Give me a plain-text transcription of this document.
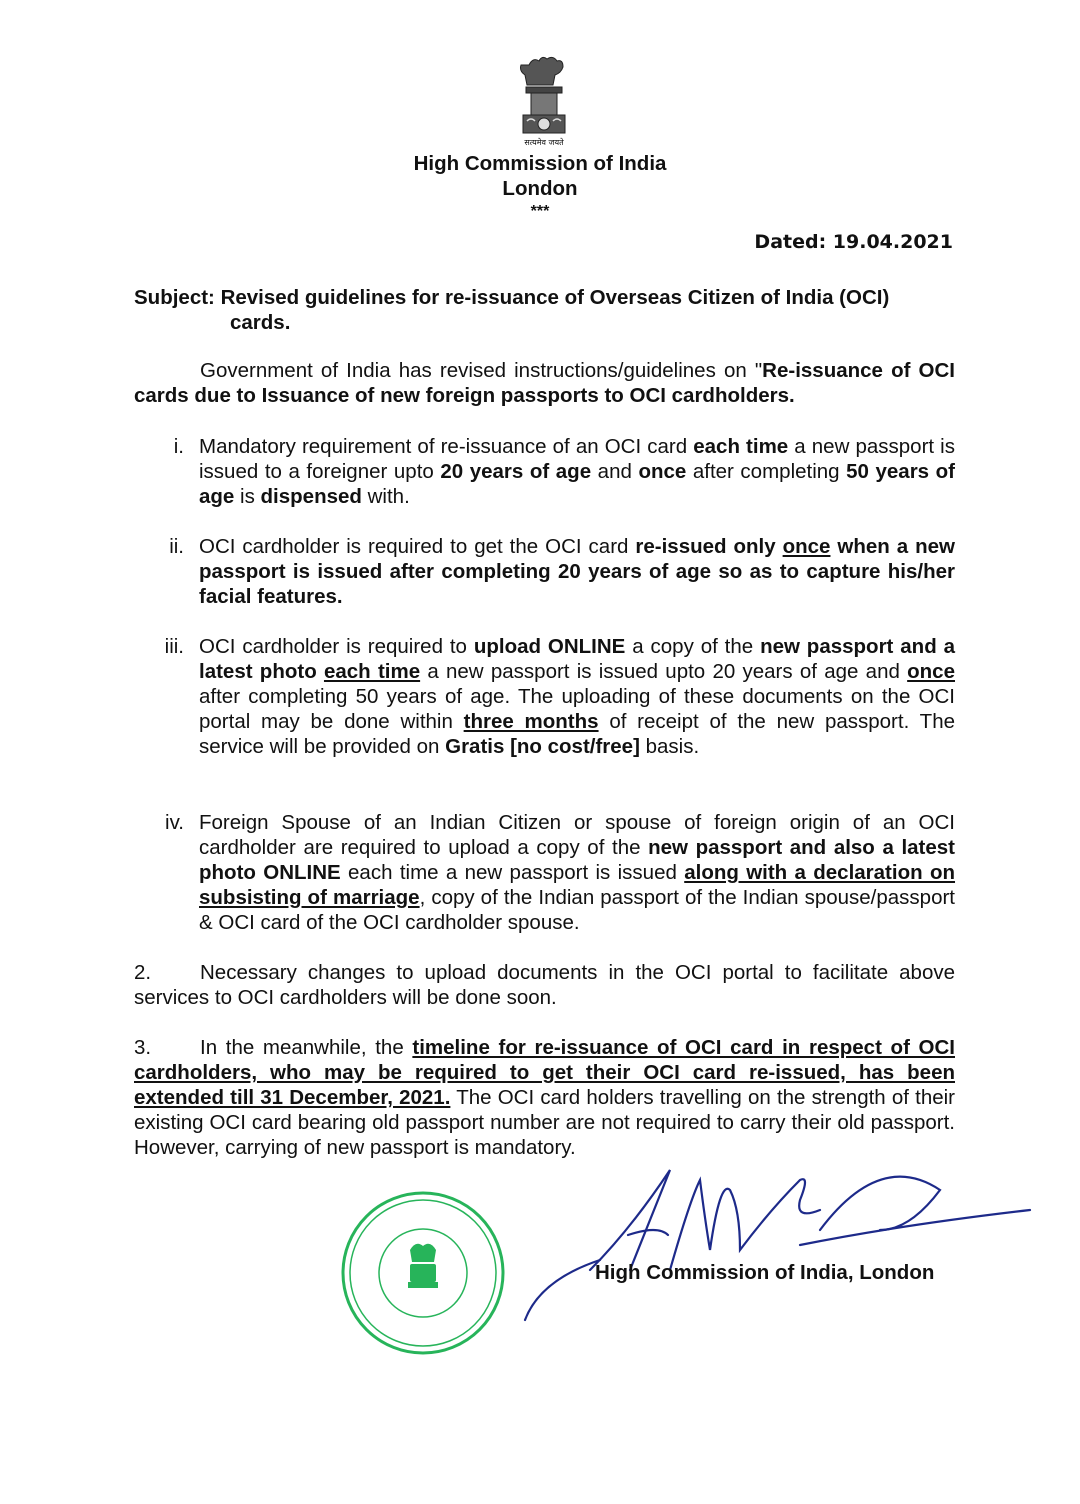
सत्यमेव जयते
High Commission of India
London
***
Dated: 19.04.2021
Subject: Revised guidelines for re-issuance of Overseas Citizen of India (OCI)
cards.
Government of India has revised instructions/guidelines on "Re-issuance of OCI cards due to Issuance of new foreign passports to OCI cardholders.
i. Mandatory requirement of re-issuance of an OCI card each time a new passport is issued to a foreigner upto 20 years of age and once after completing 50 years of age is dispensed with.
ii. OCI cardholder is required to get the OCI card re-issued only once when a new passport is issued after completing 20 years of age so as to capture his/her facial features.
iii. OCI cardholder is required to upload ONLINE a copy of the new passport and a latest photo each time a new passport is issued upto 20 years of age and once after completing 50 years of age. The uploading of these documents on the OCI portal may be done within three months of receipt of the new passport. The service will be provided on Gratis [no cost/free] basis.
iv. Foreign Spouse of an Indian Citizen or spouse of foreign origin of an OCI cardholder are required to upload a copy of the new passport and also a latest photo ONLINE each time a new passport is issued along with a declaration on subsisting of marriage, copy of the Indian passport of the Indian spouse/passport & OCI card of the OCI cardholder spouse.
2. Necessary changes to upload documents in the OCI portal to facilitate above services to OCI cardholders will be done soon.
3. In the meanwhile, the timeline for re-issuance of OCI card in respect of OCI cardholders, who may be required to get their OCI card re-issued, has been extended till 31 December, 2021. The OCI card holders travelling on the strength of their existing OCI card bearing old passport number are not required to carry their old passport. However, carrying of new passport is mandatory.
High Commission of India, London
